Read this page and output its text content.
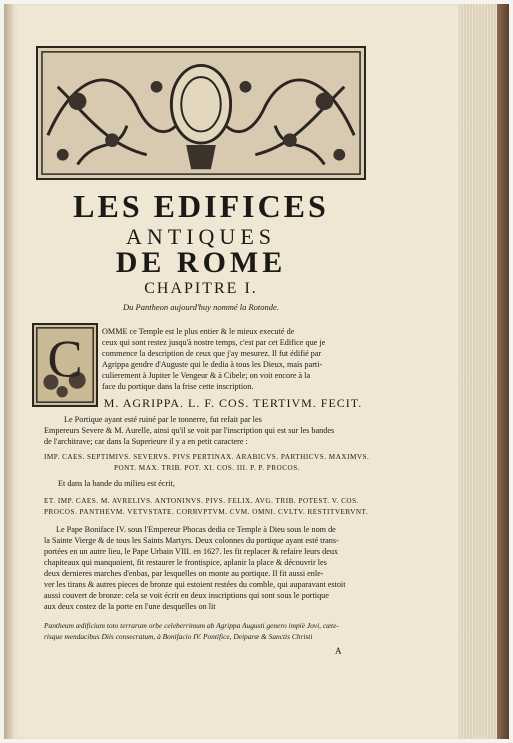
LES EDIFICES
ANTIQUES
DE ROME
CHAPITRE I.
Du Pantheon aujourd'huy nommé la Rotonde.
C OMME ce Temple est le plus entier & le mieux executé de
ceux qui sont restez jusqu'à nostre temps, c'est par cet Edifice que je
commence la description de ceux que j'ay mesurez. Il fut édifié par
Agrippa gendre d'Auguste qui le dedia à tous les Dieux, mais parti-
culierement à Jupiter le Vengeur & à Cibele; on voit encore à la
face du portique dans la frise cette inscription.
M. AGRIPPA. L. F. COS. TERTIVM. FECIT.
Le Portique ayant esté ruiné par le tonnerre, fut refait par les
Empereurs Severe & M. Aurelle, ainsi qu'il se voit par l'inscription qui est sur les bandes
de l'architrave; car dans la Superieure il y a en petit caractere :
IMP. CAES. SEPTIMIVS. SEVERVS. PIVS PERTINAX. ARABICVS. PARTHICVS. MAXIMVS.
PONT. MAX. TRIB. POT. XI. COS. III. P. P. PROCOS.
Et dans la bande du milieu est écrit,
ET. IMP. CAES. M. AVRELIVS. ANTONINVS. PIVS. FELIX. AVG. TRIB. POTEST. V. COS.
PROCOS. PANTHEVM. VETVSTATE. CORRVPTVM. CVM. OMNI. CVLTV. RESTITVERVNT.
Le Pape Boniface IV. sous l'Empereur Phocas dedia ce Temple à Dieu sous le nom de
la Sainte Vierge & de tous les Saints Martyrs. Deux colonnes du portique ayant esté trans-
portées en un autre lieu, le Pape Urbain VIII. en 1627. les fit replacer & refaire leurs deux
chapiteaux qui manquoient, fit restaurer le frontispice, aplanir la place & découvrir les
deux dernieres marches d'enbas, par lesquelles on monte au portique. Il fit aussi enle-
ver les tirans & autres pieces de bronze qui estoient restées du comble, qui auparavant estoit
aussi couvert de bronze: cela se voit écrit en deux inscriptions qui sont sous le portique
aux deux costez de la porte en l'une desquelles on lit
Pantheum ædificium toto terrarum orbe celeberrimum ab Agrippa Augusti genero impiè Jovi, cæte-
risque mendacibus Diis consecratum, à Bonifacio IV. Pontifice, Deiparæ & Sanctis Christi
A
